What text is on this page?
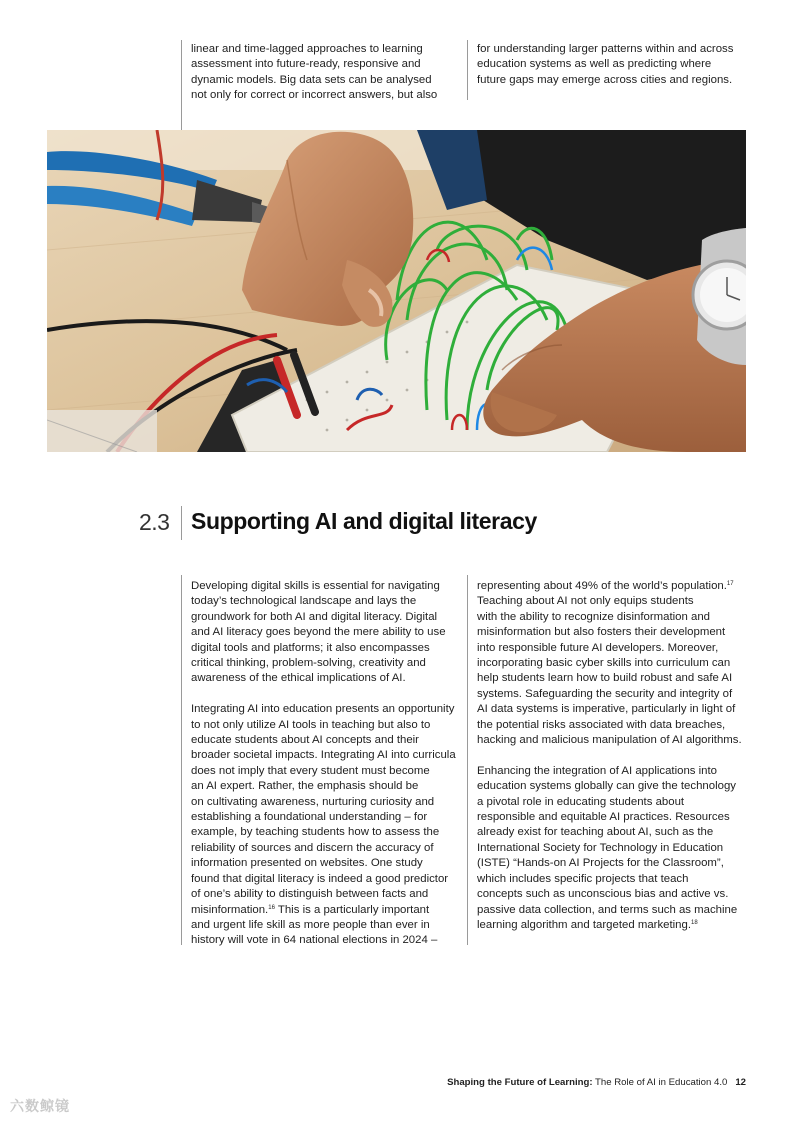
linear and time-lagged approaches to learning
assessment into future-ready, responsive and
dynamic models. Big data sets can be analysed
not only for correct or incorrect answers, but also

for understanding larger patterns within and across
education systems as well as predicting where
future gaps may emerge across cities and regions.

2.3 Supporting AI and digital literacy

Developing digital skills is essential for navigating
today’s technological landscape and lays the
groundwork for both AI and digital literacy. Digital
and AI literacy goes beyond the mere ability to use
digital tools and platforms; it also encompasses
critical thinking, problem-solving, creativity and
awareness of the ethical implications of AI.

Integrating AI into education presents an opportunity
to not only utilize AI tools in teaching but also to
educate students about AI concepts and their
broader societal impacts. Integrating AI into curricula
does not imply that every student must become
an AI expert. Rather, the emphasis should be
on cultivating awareness, nurturing curiosity and
establishing a foundational understanding – for
example, by teaching students how to assess the
reliability of sources and discern the accuracy of
information presented on websites. One study
found that digital literacy is indeed a good predictor
of one’s ability to distinguish between facts and
misinformation.$^{16}$ This is a particularly important
and urgent life skill as more people than ever in
history will vote in 64 national elections in 2024 –

representing about 49% of the world’s population.$^{17}$
Teaching about AI not only equips students
with the ability to recognize disinformation and
misinformation but also fosters their development
into responsible future AI developers. Moreover,
incorporating basic cyber skills into curriculum can
help students learn how to build robust and safe AI
systems. Safeguarding the security and integrity of
AI data systems is imperative, particularly in light of
the potential risks associated with data breaches,
hacking and malicious manipulation of AI algorithms.

Enhancing the integration of AI applications into
education systems globally can give the technology
a pivotal role in educating students about
responsible and equitable AI practices. Resources
already exist for teaching about AI, such as the
International Society for Technology in Education
(ISTE) “Hands-on AI Projects for the Classroom”,
which includes specific projects that teach
concepts such as unconscious bias and active vs.
passive data collection, and terms such as machine
learning algorithm and targeted marketing.$^{18}$

Shaping the Future of Learning: The Role of AI in Education 4.0 12
六数鲸镜
